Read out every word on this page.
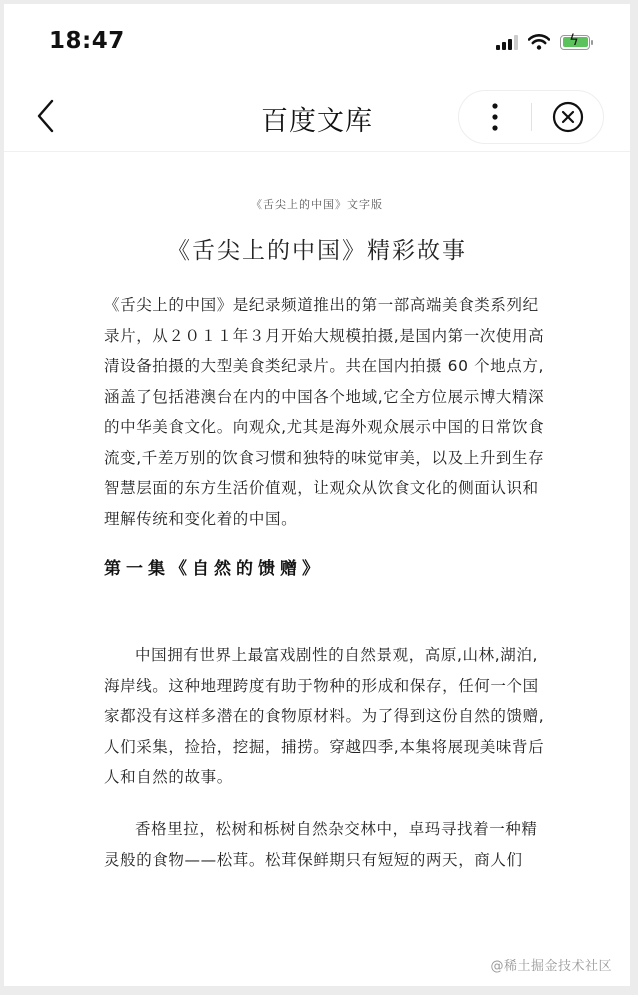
18:47	ϟ
百度文库
《舌尖上的中国》文字版
《舌尖上的中国》精彩故事

《舌尖上的中国》是纪录频道推出的第一部高端美食类系列纪录片，从２０１１年３月开始大规模拍摄,是国内第一次使用高清设备拍摄的大型美食类纪录片。共在国内拍摄 60 个地点方,涵盖了包括港澳台在内的中国各个地域,它全方位展示博大精深的中华美食文化。向观众,尤其是海外观众展示中国的日常饮食流变,千差万别的饮食习惯和独特的味觉审美，以及上升到生存智慧层面的东方生活价值观，让观众从饮食文化的侧面认识和理解传统和变化着的中国。

第一集《自然的馈赠》

中国拥有世界上最富戏剧性的自然景观，高原,山林,湖泊,海岸线。这种地理跨度有助于物种的形成和保存，任何一个国家都没有这样多潜在的食物原材料。为了得到这份自然的馈赠,人们采集，捡拾，挖掘，捕捞。穿越四季,本集将展现美味背后人和自然的故事。

香格里拉，松树和栎树自然杂交林中，卓玛寻找着一种精灵般的食物——松茸。松茸保鲜期只有短短的两天，商人们

@稀土掘金技术社区
